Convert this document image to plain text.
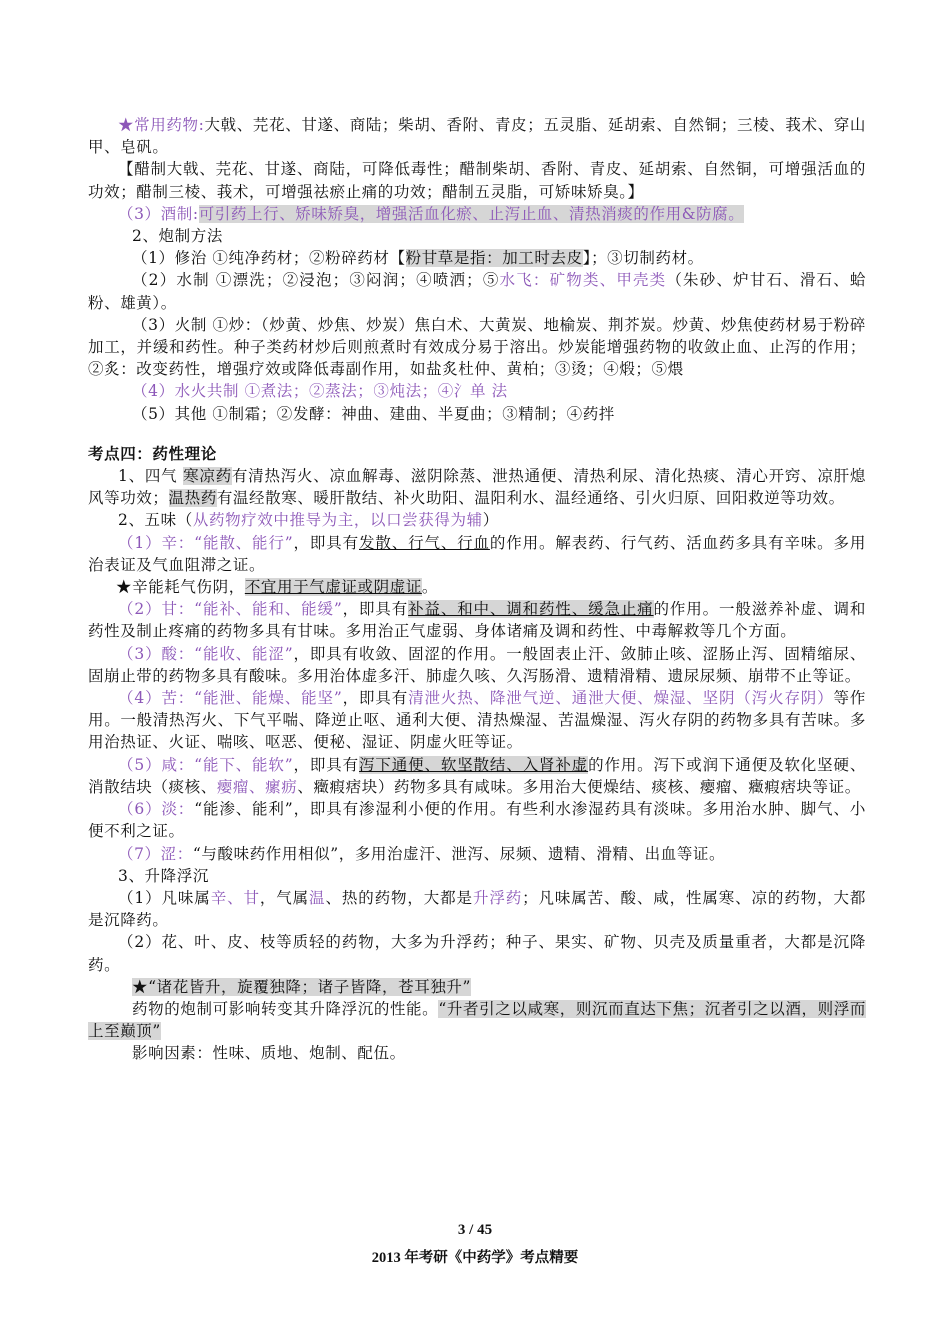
★常用药物:大戟、芫花、甘遂、商陆；柴胡、香附、青皮；五灵脂、延胡索、自然铜；三棱、莪术、穿山甲、皂矾。

【醋制大戟、芫花、甘遂、商陆，可降低毒性；醋制柴胡、香附、青皮、延胡索、自然铜，可增强活血的功效；醋制三棱、莪术，可增强祛瘀止痛的功效；醋制五灵脂，可矫味矫臭。】

（3）酒制:可引药上行、矫味矫臭，增强活血化瘀、止泻止血、清热消痰的作用&防腐。

2、炮制方法

（1）修治 ①纯净药材；②粉碎药材【粉甘草是指：加工时去皮】；③切制药材。

（2）水制 ①漂洗；②浸泡；③闷润；④喷洒；⑤水飞：矿物类、甲壳类（朱砂、炉甘石、滑石、蛤粉、雄黄）。

（3）火制 ①炒：（炒黄、炒焦、炒炭）焦白术、大黄炭、地榆炭、荆芥炭。炒黄、炒焦使药材易于粉碎加工，并缓和药性。种子类药材炒后则煎煮时有效成分易于溶出。炒炭能增强药物的收敛止血、止泻的作用；②炙：改变药性，增强疗效或降低毒副作用，如盐炙杜仲、黄柏；③烫；④煅；⑤煨

（4）水火共制 ①煮法；②蒸法；③炖法；④氵单 法

（5）其他 ①制霜；②发酵：神曲、建曲、半夏曲；③精制；④药拌

考点四：药性理论

1、四气 寒凉药有清热泻火、凉血解毒、滋阴除蒸、泄热通便、清热利尿、清化热痰、清心开窍、凉肝熄风等功效；温热药有温经散寒、暖肝散结、补火助阳、温阳利水、温经通络、引火归原、回阳救逆等功效。

2、五味（从药物疗效中推导为主，以口尝获得为辅）

（1）辛：“能散、能行”，即具有发散、行气、行血的作用。解表药、行气药、活血药多具有辛味。多用治表证及气血阻滞之证。

★辛能耗气伤阴，不宜用于气虚证或阴虚证。

（2）甘：“能补、能和、能缓”，即具有补益、和中、调和药性、缓急止痛的作用。一般滋养补虚、调和药性及制止疼痛的药物多具有甘味。多用治正气虚弱、身体诸痛及调和药性、中毒解救等几个方面。

（3）酸：“能收、能涩”，即具有收敛、固涩的作用。一般固表止汗、敛肺止咳、涩肠止泻、固精缩尿、固崩止带的药物多具有酸味。多用治体虚多汗、肺虚久咳、久泻肠滑、遗精滑精、遗尿尿频、崩带不止等证。

（4）苦：“能泄、能燥、能坚”，即具有清泄火热、降泄气逆、通泄大便、燥湿、坚阴（泻火存阴）等作用。一般清热泻火、下气平喘、降逆止呕、通利大便、清热燥湿、苦温燥湿、泻火存阴的药物多具有苦味。多用治热证、火证、喘咳、呕恶、便秘、湿证、阴虚火旺等证。

（5）咸：“能下、能软”，即具有泻下通便、软坚散结、入肾补虚的作用。泻下或润下通便及软化坚硬、消散结块（痰核、瘿瘤、瘰疬、癥瘕痞块）药物多具有咸味。多用治大便燥结、痰核、瘿瘤、癥瘕痞块等证。

（6）淡：“能渗、能利”，即具有渗湿利小便的作用。有些利水渗湿药具有淡味。多用治水肿、脚气、小便不利之证。

（7）涩：“与酸味药作用相似”，多用治虚汗、泄泻、尿频、遗精、滑精、出血等证。

3、升降浮沉

（1）凡味属辛、甘，气属温、热的药物，大都是升浮药；凡味属苦、酸、咸，性属寒、凉的药物，大都是沉降药。

（2）花、叶、皮、枝等质轻的药物，大多为升浮药；种子、果实、矿物、贝壳及质量重者，大都是沉降药。

★“诸花皆升，旋覆独降；诸子皆降，苍耳独升”

药物的炮制可影响转变其升降浮沉的性能。“升者引之以咸寒，则沉而直达下焦；沉者引之以酒，则浮而上至巅顶”

影响因素：性味、质地、炮制、配伍。

3 / 45
2013 年考研《中药学》考点精要
